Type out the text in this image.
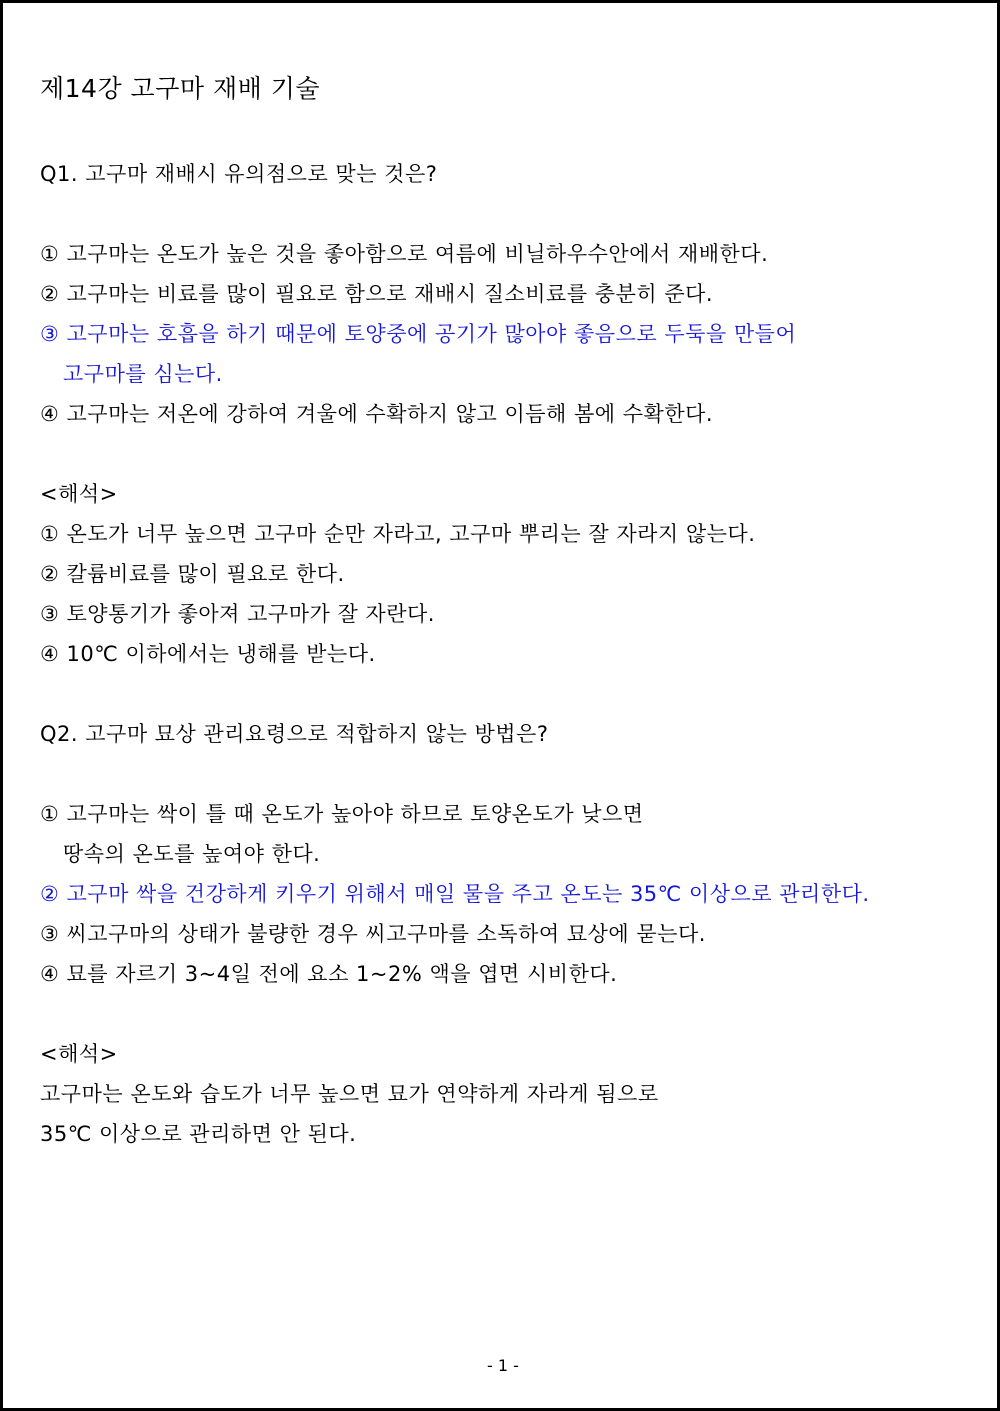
제14강 고구마 재배 기술
Q1. 고구마 재배시 유의점으로 맞는 것은?
① 고구마는 온도가 높은 것을 좋아함으로 여름에 비닐하우수안에서 재배한다.
② 고구마는 비료를 많이 필요로 함으로 재배시 질소비료를 충분히 준다.
③ 고구마는 호흡을 하기 때문에 토양중에 공기가 많아야 좋음으로 두둑을 만들어
고구마를 심는다.
④ 고구마는 저온에 강하여 겨울에 수확하지 않고 이듬해 봄에 수확한다.
<해석>
① 온도가 너무 높으면 고구마 순만 자라고, 고구마 뿌리는 잘 자라지 않는다.
② 칼륨비료를 많이 필요로 한다.
③ 토양통기가 좋아져 고구마가 잘 자란다.
④ 10℃ 이하에서는 냉해를 받는다.
Q2. 고구마 묘상 관리요령으로 적합하지 않는 방법은?
① 고구마는 싹이 틀 때 온도가 높아야 하므로 토양온도가 낮으면
땅속의 온도를 높여야 한다.
② 고구마 싹을 건강하게 키우기 위해서 매일 물을 주고 온도는 35℃ 이상으로 관리한다.
③ 씨고구마의 상태가 불량한 경우 씨고구마를 소독하여 묘상에 묻는다.
④ 묘를 자르기 3~4일 전에 요소 1~2% 액을 엽면 시비한다.
<해석>
고구마는 온도와 습도가 너무 높으면 묘가 연약하게 자라게 됨으로
35℃ 이상으로 관리하면 안 된다.
- 1 -
